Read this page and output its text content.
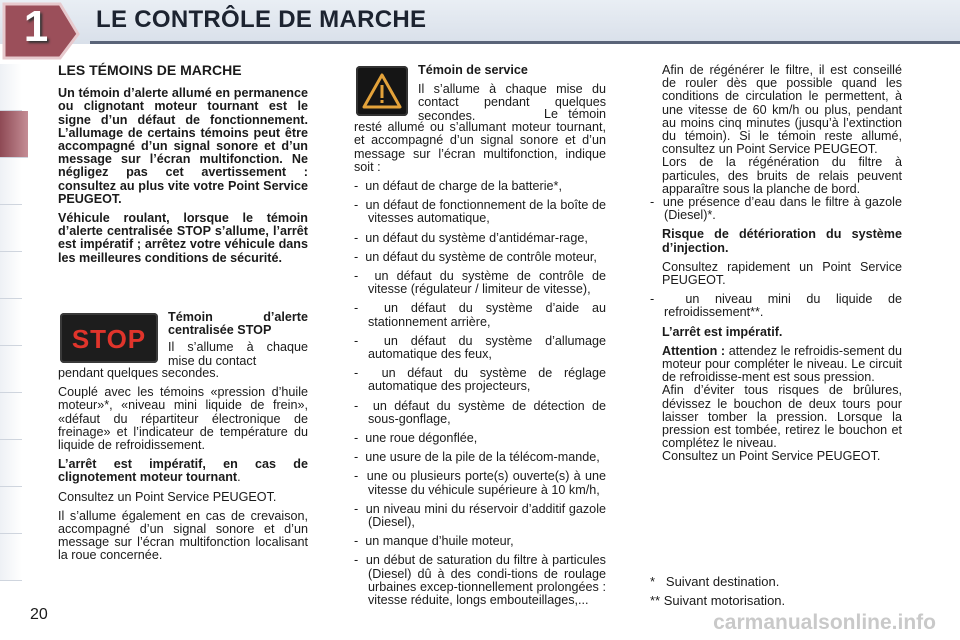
1	LE CONTRÔLE DE MARCHE
LES TÉMOINS DE MARCHE

Un témoin d’alerte allumé en permanence ou clignotant moteur tournant est le signe d’un défaut de fonctionnement. L’allumage de certains témoins peut être accompagné d’un signal sonore et d’un message sur l’écran multifonction. Ne négligez pas cet avertissement : consultez au plus vite votre Point Service PEUGEOT.

Véhicule roulant, lorsque le témoin d’alerte centralisée STOP s’allume, l’arrêt est impératif ; arrêtez votre véhicule dans les meilleures conditions de sécurité.

STOP

Témoin d’alerte centralisée STOP

Il s’allume à chaque mise du contact

pendant quelques secondes.

Couplé avec les témoins «pression d’huile moteur»*, «niveau mini liquide de frein», «défaut du répartiteur électronique de freinage» et l’indicateur de température du liquide de refroidissement.

L’arrêt est impératif, en cas de clignotement moteur tournant.

Consultez un Point Service PEUGEOT.

Il s’allume également en cas de crevaison, accompagné d’un signal sonore et d’un message sur l’écran multifonction localisant la roue concernée.

Témoin de service

Il s’allume à chaque mise du contact pendant quelques secondes.	Le témoin resté allumé ou s’allumant moteur tournant, et accompagné d’un signal sonore et d’un message sur l’écran multifonction, indique soit :

-  un défaut de charge de la batterie*,

-  un défaut de fonctionnement de la boîte de vitesses automatique,

-  un défaut du système d’antidémar-rage,

-  un défaut du système de contrôle moteur,

-  un défaut du système de contrôle de vitesse (régulateur / limiteur de vitesse),

-  un défaut du système d’aide au stationnement arrière,

-  un défaut du système d’allumage automatique des feux,

-  un défaut du système de réglage automatique des projecteurs,

-  un défaut du système de détection de sous-gonflage,

-  une roue dégonflée,

-  une usure de la pile de la télécom-mande,

-  une ou plusieurs porte(s) ouverte(s) à une vitesse du véhicule supérieure à 10 km/h,

-  un niveau mini du réservoir d’additif gazole (Diesel),

-  un manque d’huile moteur,

-  un début de saturation du filtre à particules (Diesel) dû à des condi-tions de roulage urbaines excep-tionnellement prolongées : vitesse réduite, longs embouteillages,...

Afin de régénérer le filtre, il est conseillé de rouler dès que possible quand les conditions de circulation le permettent, à une vitesse de 60 km/h ou plus, pendant au moins cinq minutes (jusqu’à l’extinction du témoin). Si le témoin reste allumé, consultez un Point Service PEUGEOT.

Lors de la régénération du filtre à particules, des bruits de relais peuvent apparaître sous la planche de bord.

-  une présence d’eau dans le filtre à gazole (Diesel)*.

Risque de détérioration du système d’injection.

Consultez rapidement un Point Service PEUGEOT.

-  un niveau mini du liquide de refroidissement**.

L’arrêt est impératif.

Attention : attendez le refroidis-sement du moteur pour compléter le niveau. Le circuit de refroidisse-ment est sous pression.

Afin d’éviter tous risques de brûlures, dévissez le bouchon de deux tours pour laisser tomber la pression. Lorsque la pression est tombée, retirez le bouchon et complétez le niveau.

Consultez un Point Service PEUGEOT.

* Suivant destination.
** Suivant motorisation.
20	carmanualsonline.info
